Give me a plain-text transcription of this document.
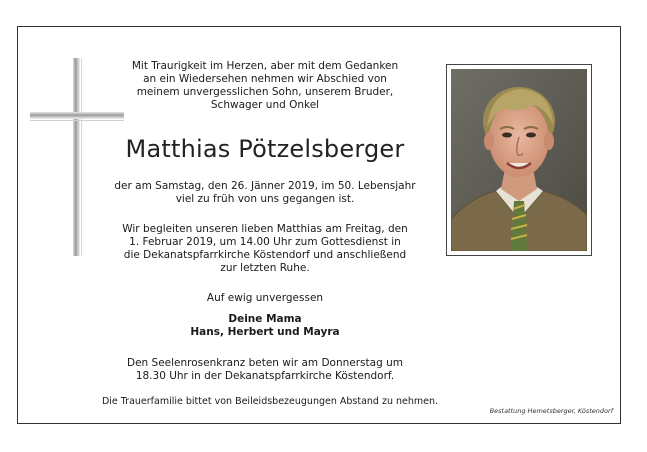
Mit Traurigkeit im Herzen, aber mit dem Gedanken
an ein Wiedersehen nehmen wir Abschied von
meinem unvergesslichen Sohn, unserem Bruder,
Schwager und Onkel
Matthias Pötzelsberger
der am Samstag, den 26. Jänner 2019, im 50. Lebensjahr
viel zu früh von uns gegangen ist.
Wir begleiten unseren lieben Matthias am Freitag, den
1. Februar 2019, um 14.00 Uhr zum Gottesdienst in
die Dekanatspfarrkirche Köstendorf und anschließend
zur letzten Ruhe.
Auf ewig unvergessen
Deine Mama
Hans, Herbert und Mayra
Den Seelenrosenkranz beten wir am Donnerstag um
18.30 Uhr in der Dekanatspfarrkirche Köstendorf.
Die Trauerfamilie bittet von Beileidsbezeugungen Abstand zu nehmen.
Bestattung Hemetsberger, Köstendorf
